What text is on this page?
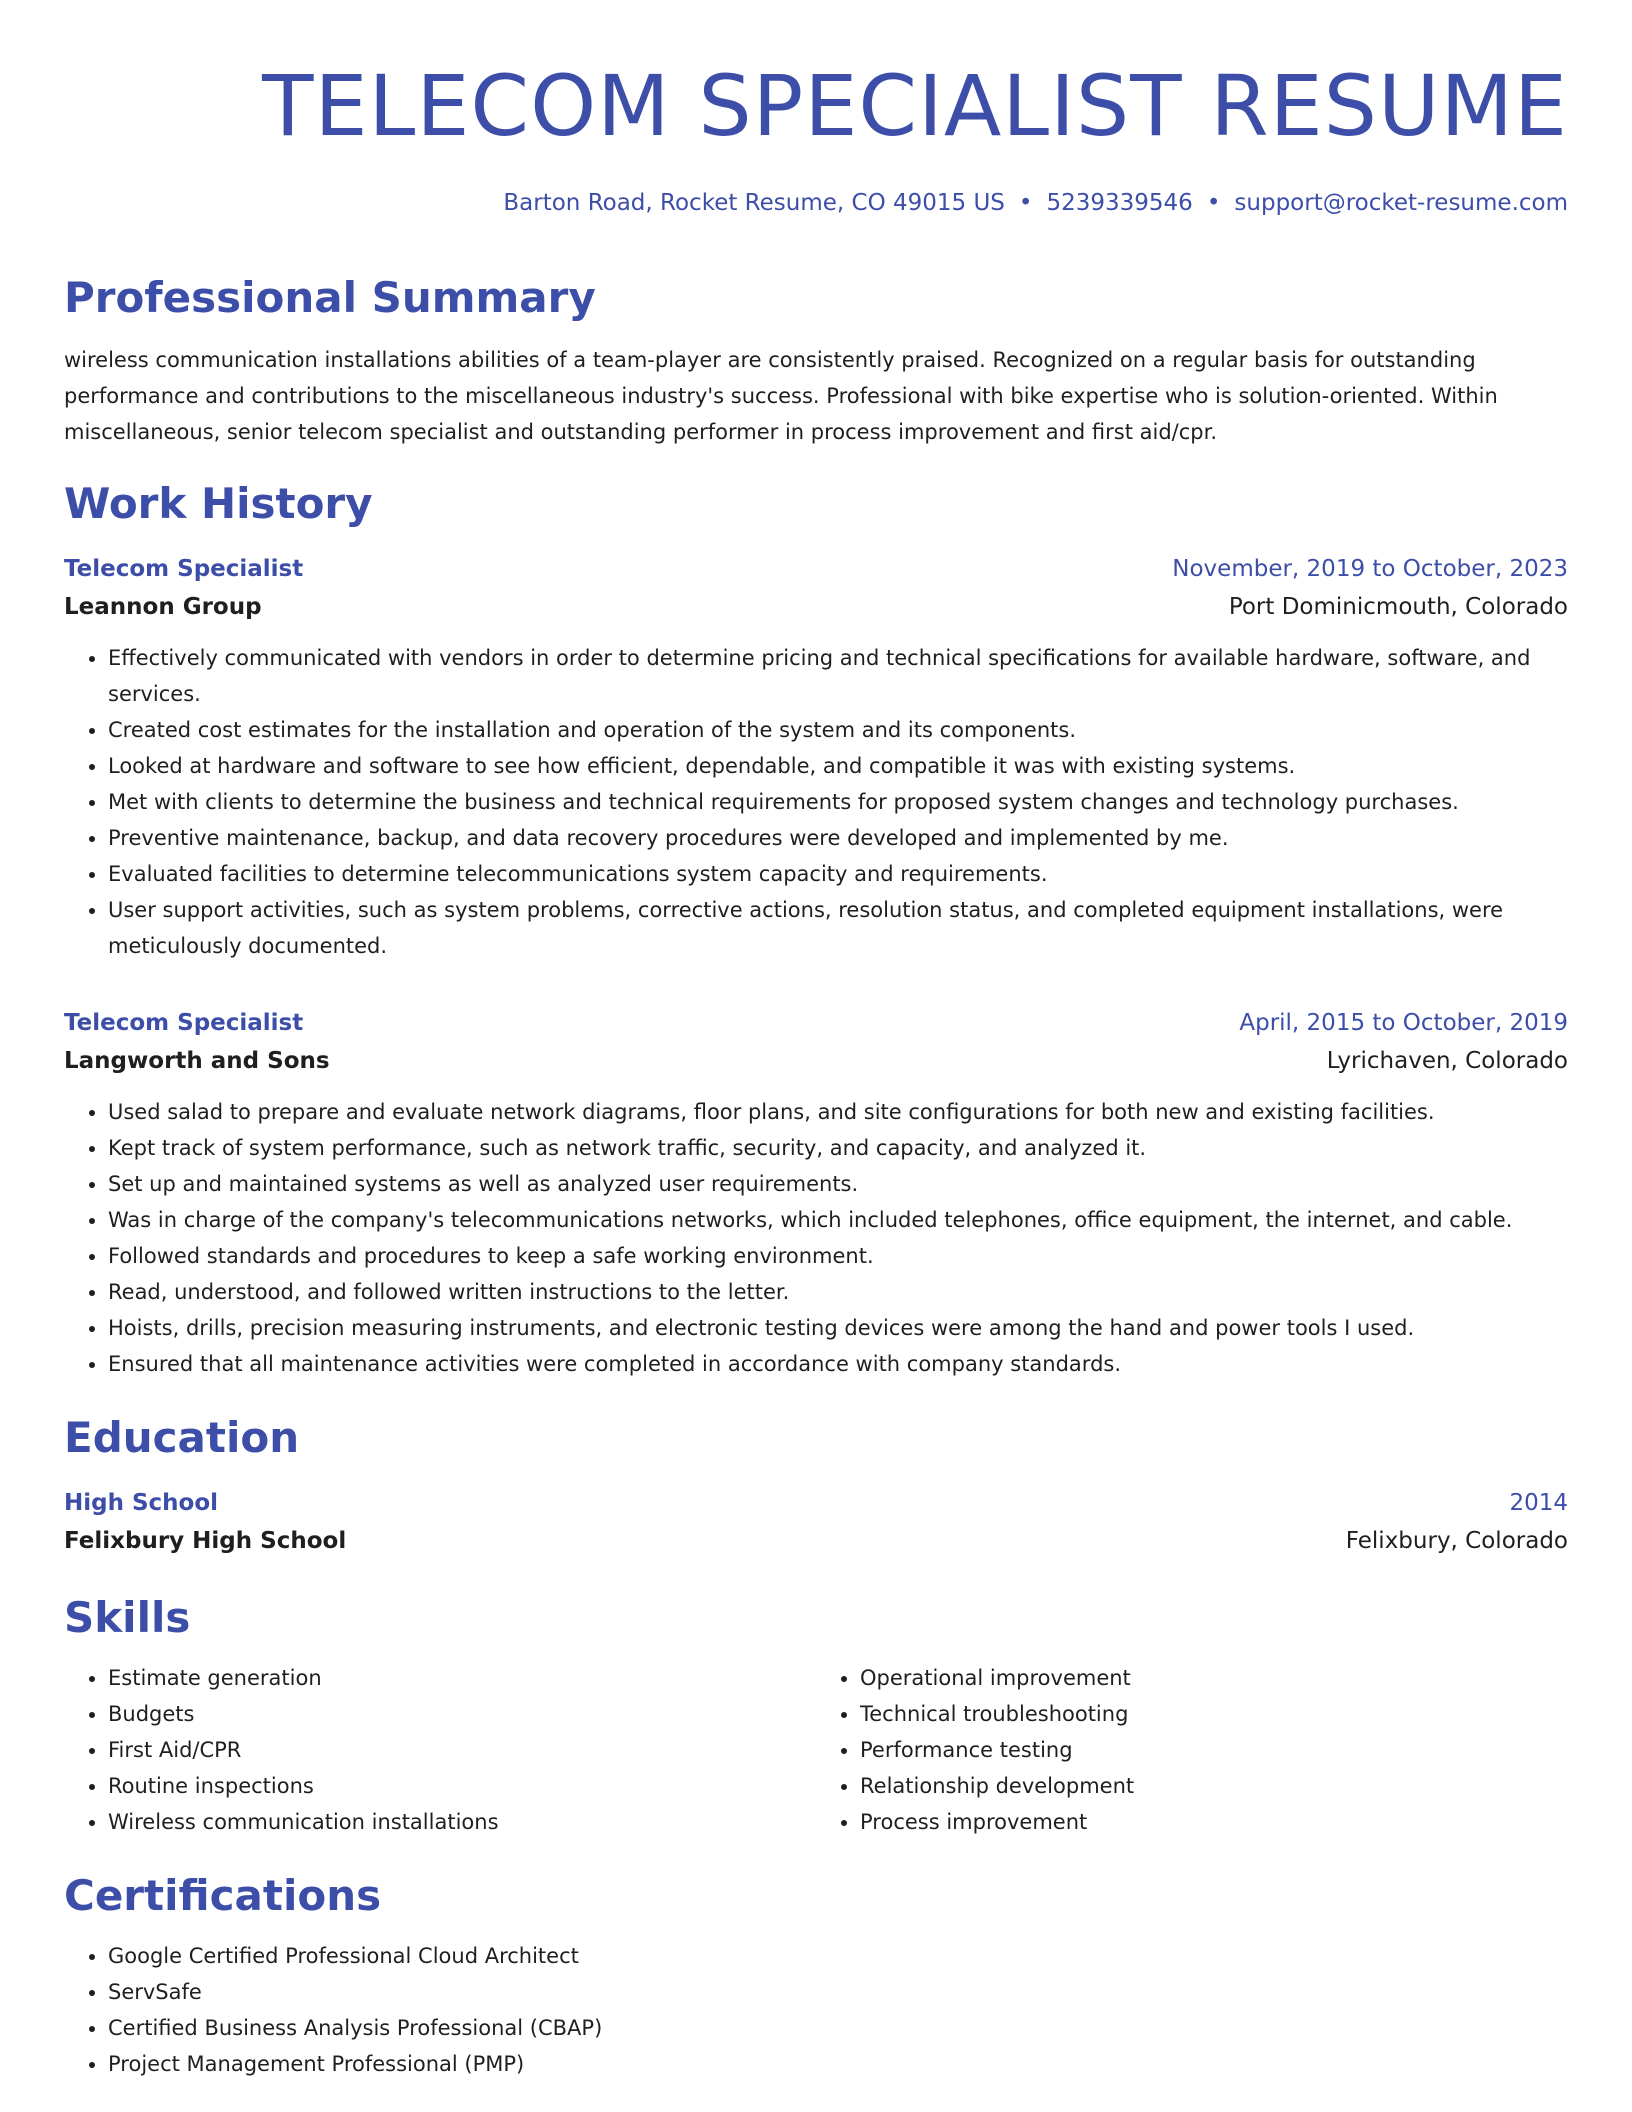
TELECOM SPECIALIST RESUME
Barton Road, Rocket Resume, CO 49015 US • 5239339546 • support@rocket-resume.com
Professional Summary
wireless communication installations abilities of a team-player are consistently praised. Recognized on a regular basis for outstanding performance and contributions to the miscellaneous industry's success. Professional with bike expertise who is solution-oriented. Within miscellaneous, senior telecom specialist and outstanding performer in process improvement and first aid/cpr.
Work History
Telecom Specialist	November, 2019 to October, 2023
Leannon Group	Port Dominicmouth, Colorado
• Effectively communicated with vendors in order to determine pricing and technical specifications for available hardware, software, and services.
• Created cost estimates for the installation and operation of the system and its components.
• Looked at hardware and software to see how efficient, dependable, and compatible it was with existing systems.
• Met with clients to determine the business and technical requirements for proposed system changes and technology purchases.
• Preventive maintenance, backup, and data recovery procedures were developed and implemented by me.
• Evaluated facilities to determine telecommunications system capacity and requirements.
• User support activities, such as system problems, corrective actions, resolution status, and completed equipment installations, were meticulously documented.
Telecom Specialist	April, 2015 to October, 2019
Langworth and Sons	Lyrichaven, Colorado
• Used salad to prepare and evaluate network diagrams, floor plans, and site configurations for both new and existing facilities.
• Kept track of system performance, such as network traffic, security, and capacity, and analyzed it.
• Set up and maintained systems as well as analyzed user requirements.
• Was in charge of the company's telecommunications networks, which included telephones, office equipment, the internet, and cable.
• Followed standards and procedures to keep a safe working environment.
• Read, understood, and followed written instructions to the letter.
• Hoists, drills, precision measuring instruments, and electronic testing devices were among the hand and power tools I used.
• Ensured that all maintenance activities were completed in accordance with company standards.
Education
High School	2014
Felixbury High School	Felixbury, Colorado
Skills
• Estimate generation
• Budgets
• First Aid/CPR
• Routine inspections
• Wireless communication installations
• Operational improvement
• Technical troubleshooting
• Performance testing
• Relationship development
• Process improvement
Certifications
• Google Certified Professional Cloud Architect
• ServSafe
• Certified Business Analysis Professional (CBAP)
• Project Management Professional (PMP)
